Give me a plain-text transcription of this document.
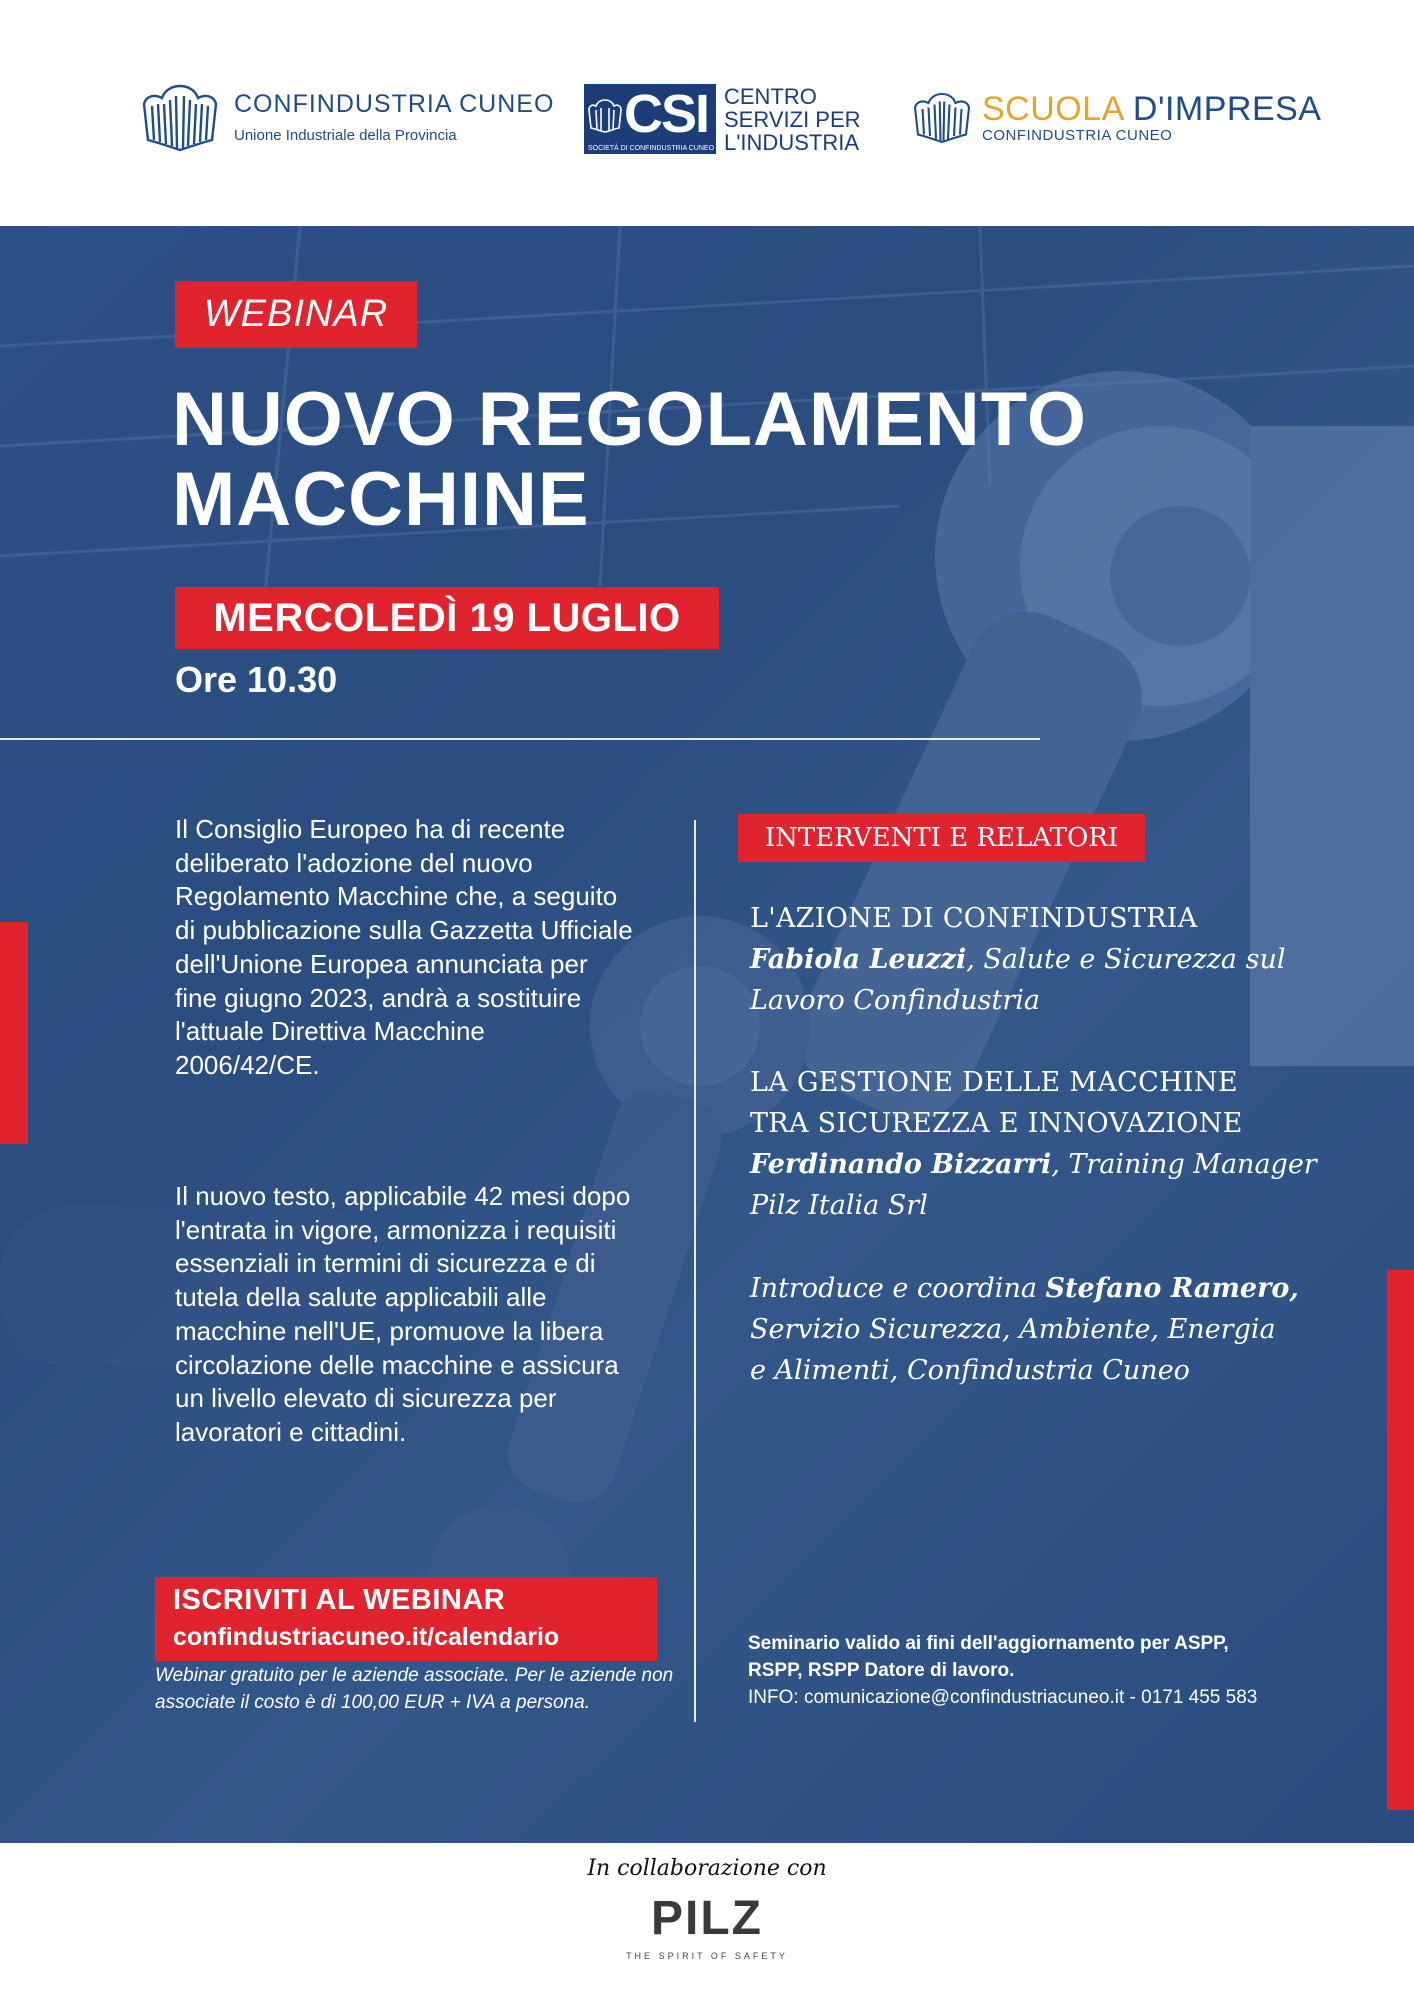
CONFINDUSTRIA CUNEO
Unione Industriale della Provincia	CSI
SOCIETÀ DI CONFINDUSTRIA CUNEO
CENTRO
SERVIZI PER
L'INDUSTRIA
SCUOLA D'IMPRESA
CONFINDUSTRIA CUNEO
WEBINAR
NUOVO REGOLAMENTO
MACCHINE
MERCOLEDÌ 19 LUGLIO
Ore 10.30

Il Consiglio Europeo ha di recente deliberato l'adozione del nuovo Regolamento Macchine che, a seguito di pubblicazione sulla Gazzetta Ufficiale dell'Unione Europea annunciata per fine giugno 2023, andrà a sostituire l'attuale Direttiva Macchine 2006/42/CE.

Il nuovo testo, applicabile 42 mesi dopo l'entrata in vigore, armonizza i requisiti essenziali in termini di sicurezza e di tutela della salute applicabili alle macchine nell'UE, promuove la libera circolazione delle macchine e assicura un livello elevato di sicurezza per lavoratori e cittadini.

ISCRIVITI AL WEBINAR
confindustriacuneo.it/calendario

Webinar gratuito per le aziende associate. Per le aziende non associate il costo è di 100,00 EUR + IVA a persona.

INTERVENTI E RELATORI
L'AZIONE DI CONFINDUSTRIA
Fabiola Leuzzi, Salute e Sicurezza sul
Lavoro Confindustria
LA GESTIONE DELLE MACCHINE
TRA SICUREZZA E INNOVAZIONE
Ferdinando Bizzarri, Training Manager
Pilz Italia Srl
Introduce e coordina Stefano Ramero,
Servizio Sicurezza, Ambiente, Energia
e Alimenti, Confindustria Cuneo
Seminario valido ai fini dell'aggiornamento per ASPP,
RSPP, RSPP Datore di lavoro.
INFO: comunicazione@confindustriacuneo.it - 0171 455 583
In collaborazione con
PILZ
THE SPIRIT OF SAFETY
